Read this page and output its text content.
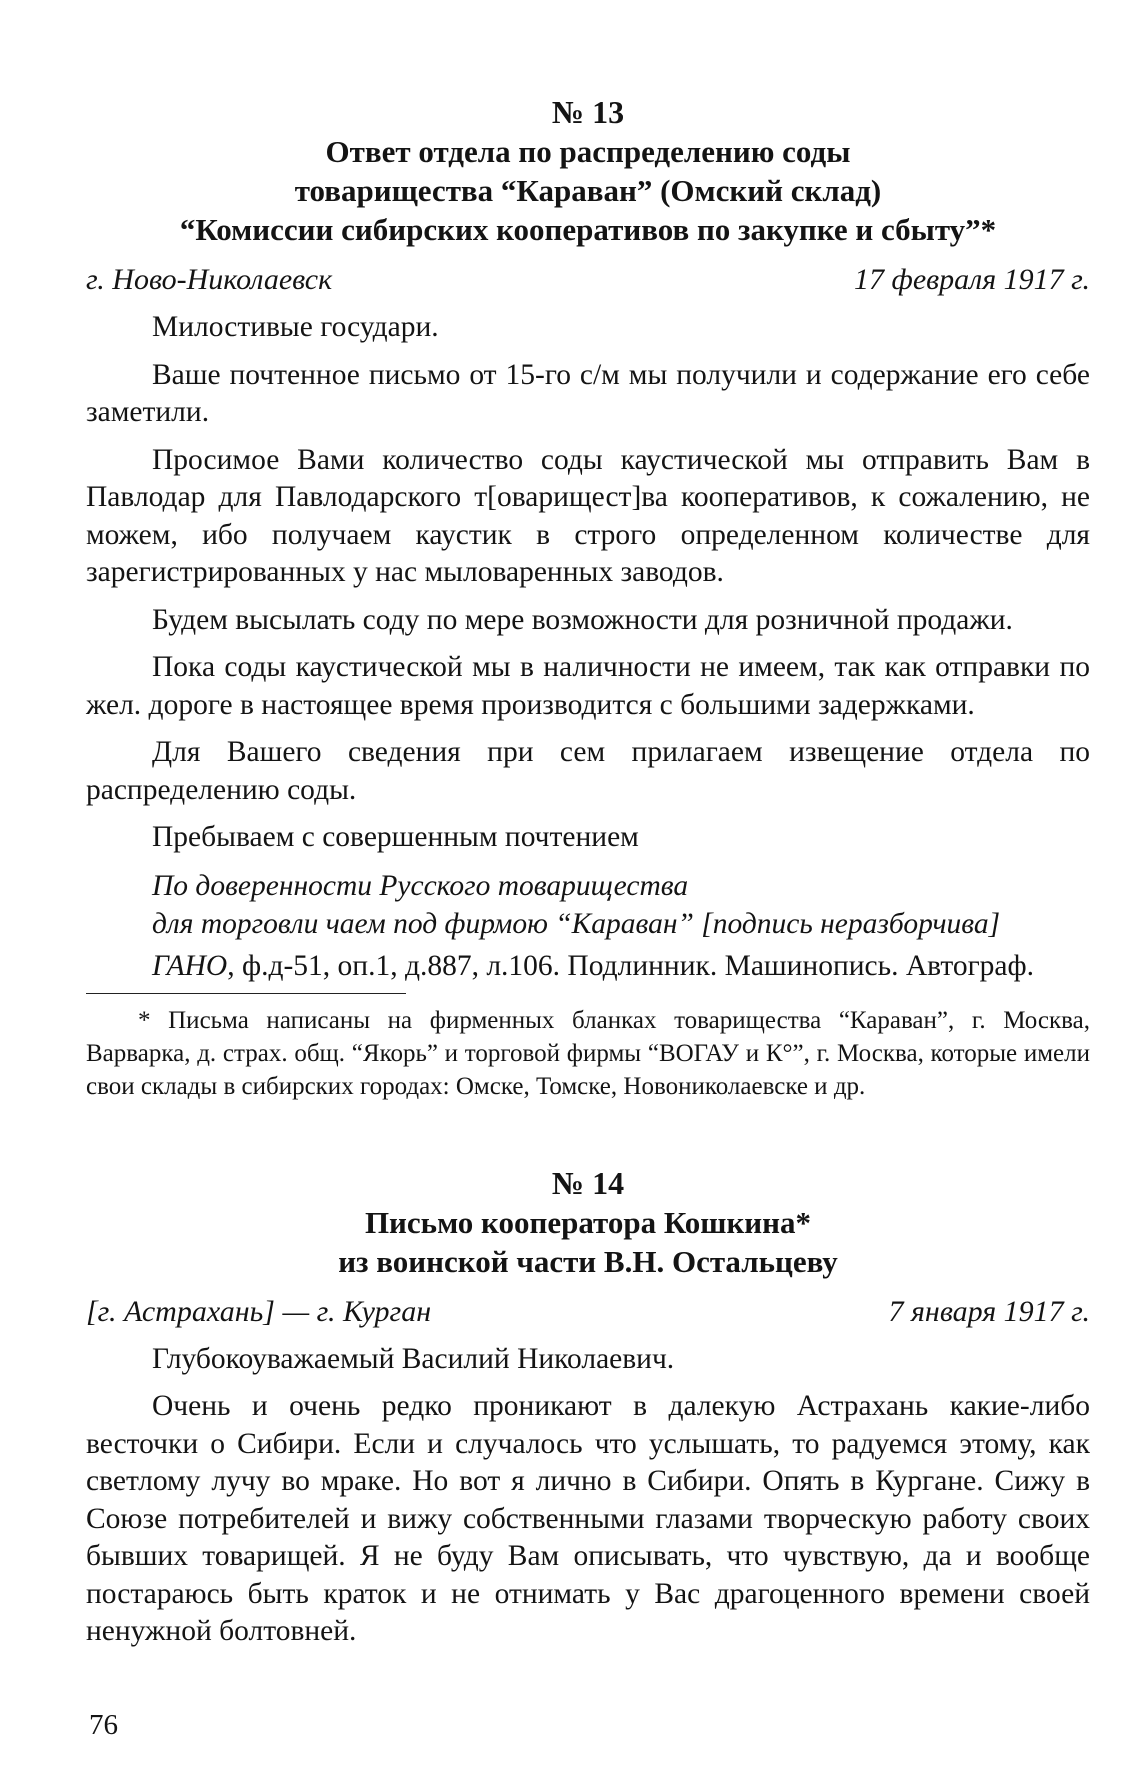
№ 13

Ответ отдела по распределению соды

товарищества “Караван” (Омский склад)

“Комиссии сибирских кооперативов по закупке и сбыту”*

г. Ново-Николаевск	17 февраля 1917 г.

Милостивые государи.

Ваше почтенное письмо от 15-го с/м мы получили и содержание его себе заметили.

Просимое Вами количество соды каустической мы отправить Вам в Павлодар для Павлодарского т[оварищест]ва кооперативов, к сожалению, не можем, ибо получаем каустик в строго определенном количестве для зарегистрированных у нас мыловаренных заводов.

Будем высылать соду по мере возможности для розничной продажи.

Пока соды каустической мы в наличности не имеем, так как отправки по жел. дороге в настоящее время производится с большими задержками.

Для Вашего сведения при сем прилагаем извещение отдела по распределению соды.

Пребываем с совершенным почтением

По доверенности Русского товарищества

для торговли чаем под фирмою “Караван” [подпись неразборчива]

ГАНО, ф.д-51, оп.1, д.887, л.106. Подлинник. Машинопись. Автограф.

* Письма написаны на фирменных бланках товарищества “Караван”, г. Москва, Варварка, д. страх. общ. “Якорь” и торговой фирмы “ВОГАУ и К°”, г. Москва, которые имели свои склады в сибирских городах: Омске, Томске, Новониколаевске и др.

№ 14

Письмо кооператора Кошкина*

из воинской части В.Н. Остальцеву

[г. Астрахань] — г. Курган	7 января 1917 г.

Глубокоуважаемый Василий Николаевич.

Очень и очень редко проникают в далекую Астрахань какие-либо весточки о Сибири. Если и случалось что услышать, то радуемся этому, как светлому лучу во мраке. Но вот я лично в Сибири. Опять в Кургане. Сижу в Союзе потребителей и вижу собственными глазами творческую работу своих бывших товарищей. Я не буду Вам описывать, что чувствую, да и вообще постараюсь быть краток и не отнимать у Вас драгоценного времени своей ненужной болтовней.

76
